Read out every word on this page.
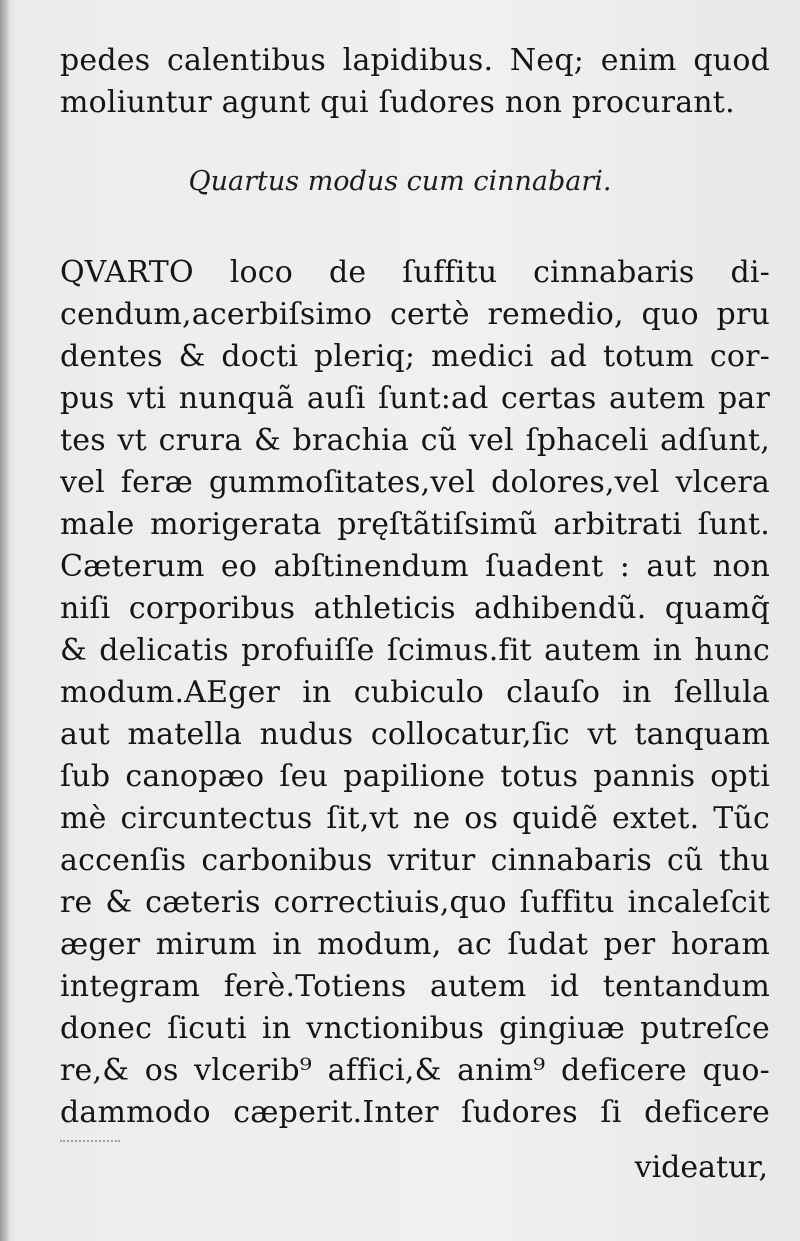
pedes calentibus lapidibus. Neq; enim quod
moliuntur agunt qui ſudores non procurant.
Quartus modus cum cinnabari.
QVARTO loco de ſuffitu cinnabaris di-
cendum,acerbiſsimo certè remedio, quo pru
dentes & docti pleriq; medici ad totum cor-
pus vti nunquã auſi ſunt:ad certas autem par
tes vt crura & brachia cũ vel ſphaceli adſunt,
vel feræ gummoſitates,vel dolores,vel vlcera
male morigerata pręſtãtiſsimũ arbitrati ſunt.
Cæterum eo abſtinendum ſuadent : aut non
niſi corporibus athleticis adhibendũ. quamq̃
& delicatis profuiſſe ſcimus.fit autem in hunc
modum.AEger in cubiculo clauſo in ſellula
aut matella nudus collocatur,ſic vt tanquam
ſub canopæo ſeu papilione totus pannis opti
mè circuntectus ſit,vt ne os quidẽ extet. Tũc
accenſis carbonibus vritur cinnabaris cũ thu
re & cæteris correctiuis,quo ſuffitu incaleſcit
æger mirum in modum, ac ſudat per horam
integram ferè.Totiens autem id tentandum
donec ſicuti in vnctionibus gingiuæ putreſce
re,& os vlcerib⁹ affici,& anim⁹ deficere quo-
dammodo cæperit.Inter ſudores ſi deficere
videatur,
